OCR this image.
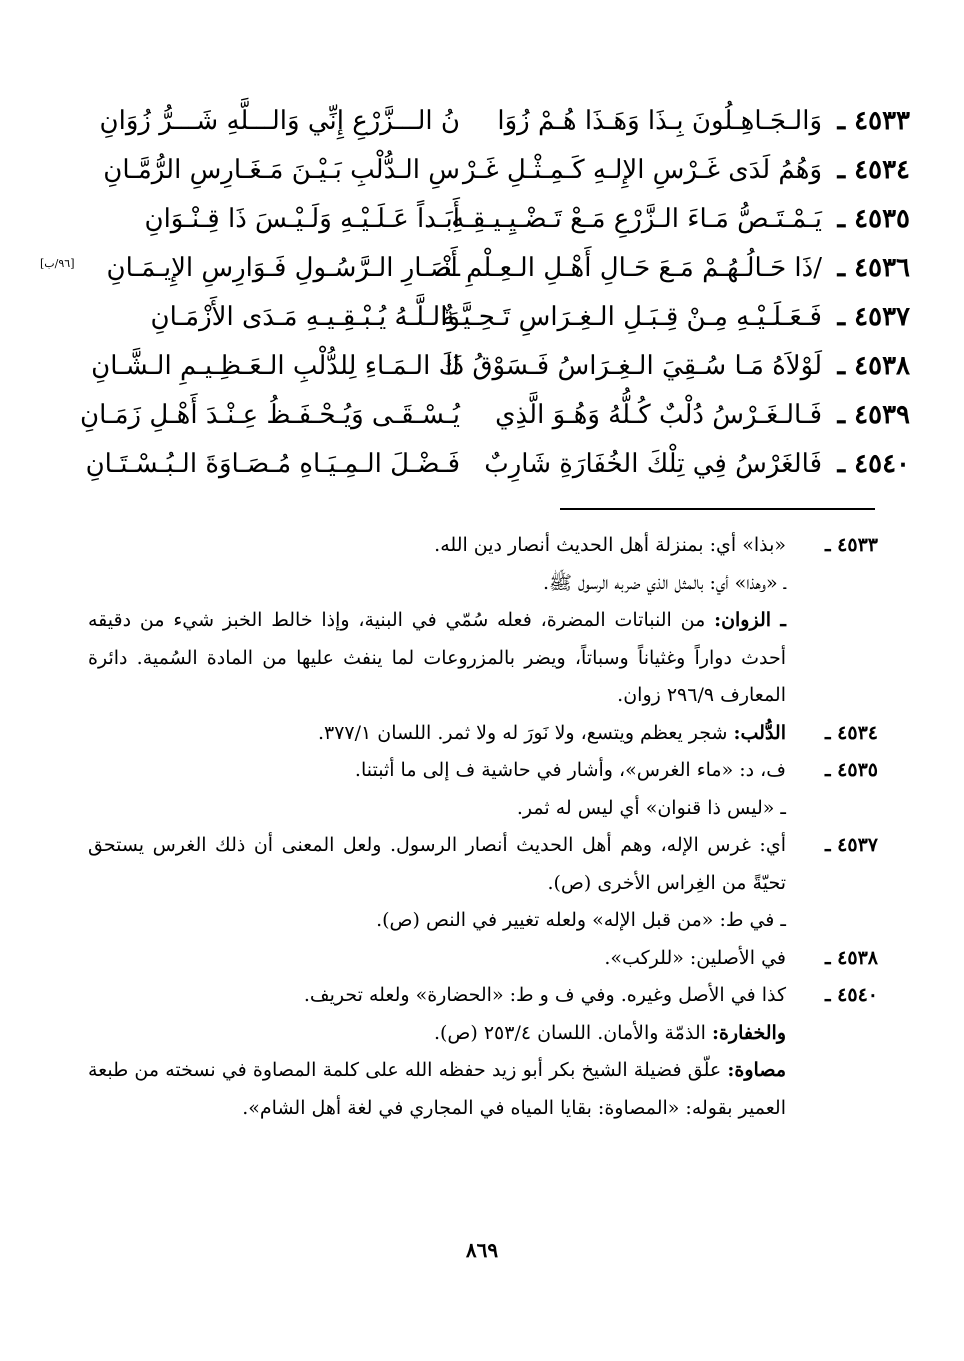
٤٥٣٣ ـ
وَالـجَـاهِـلُونَ بِـذَا وَهَـذَا هُـمْ زُوَا
نُ الـــزَّرْعِ إِنِّي وَالـــلَّهِ شَـــرُّ زُوَانِ
٤٥٣٤ ـ
وَهُمُ لَدَى غَـرْسِ الإِلـهِ كَـمِـثْـلِ غَـرْ
سِ الـدُّلْبِ بَـيْـنَ مَـغَـارِسِ الرُّمَّـانِ
٤٥٣٥ ـ
يَـمْـتَـصُّ مَـاءَ الـزَّرْعِ مَـعْ تَـضْـيِـيـقِـهِ
أَبَـداً عَـلَـيْـهِ وَلَـيْـسَ ذَا قِـنْـوَانِ
٤٥٣٦ ـ
/ذَا حَـالُـهُـمْ مَـعَ حَـالِ أَهْـلِ الـعِـلْمِ أَنْـ
ـصَـارِ الـرَّسُـولِ فَـوَارِسِ الإِيـمَـانِ
[٩٦/ب]
٤٥٣٧ ـ
فَـعَـلَـيْـهِ مِـنْ قِـبَـلِ الـغِـرَاسِ تَـحِـيَّـةٌ
وَالـلَّـهُ يُـبْـقِـيـهِ مَـدَى الأَزْمَـانِ
٤٥٣٨ ـ
لَوْلاَهُ مَـا سُـقِيَ الـغِـرَاسُ فَـسَوْقُ ذَا
كَ الـمَـاءِ لِلدُّلْبِ الـعَـظِـيـمِ الـشَّـانِ
٤٥٣٩ ـ
فَـالـغَـرْسُ دُلْبٌ كُـلُّهُ وَهُـوَ الَّذِي
يُـسْـقَـى وَيُـحْـفَـظُ عِـنْـدَ أَهْـلِ زَمَـانِ
٤٥٤٠ ـ
فَالغَرْسُ فِي تِلْكَ الخُفَارَةِ شَارِبٌ
فَـضْـلَ الـمِـيَـاهِ مُـصَـاوَةَ الـبُـسْـتَـانِ
٤٥٣٣ ـ
«بذا» أي: بمنزلة أهل الحديث أنصار دين الله.
ـ «وهذا» أي: بالمثل الذي ضربه الرسول ﷺ.
ـ الزوان: من النباتات المضرة، فعله سُمّي في البنية، وإذا خالط الخبز شيء من دقيقه أحدث دواراً وغثياناً وسباتاً، ويضر بالمزروعات لما ينفث عليها من المادة السُمية. دائرة المعارف ٢٩٦/٩ زوان.
٤٥٣٤ ـ
الدُّلب: شجر يعظم ويتسع، ولا نَورَ له ولا ثمر. اللسان ٣٧٧/١.
٤٥٣٥ ـ
ف، د: «ماء الغرس»، وأشار في حاشية ف إلى ما أثبتنا.
ـ «ليس ذا قنوان» أي ليس له ثمر.
٤٥٣٧ ـ
أي: غرس الإله، وهم أهل الحديث أنصار الرسول. ولعل المعنى أن ذلك الغرس يستحق تحيّةً من الغِراس الأخرى (ص).
ـ في ط: «من قبل الإله» ولعله تغيير في النص (ص).
٤٥٣٨ ـ
في الأصلين: «للركب».
٤٥٤٠ ـ
كذا في الأصل وغيره. وفي ف و ط: «الحضارة» ولعله تحريف.
والخفارة: الذمّة والأمان. اللسان ٢٥٣/٤ (ص).
مصاوة: علّق فضيلة الشيخ بكر أبو زيد حفظه الله على كلمة المصاوة في نسخته من طبعة العمير بقوله: «المصاوة: بقايا المياه في المجاري في لغة أهل الشام».
٨٦٩
